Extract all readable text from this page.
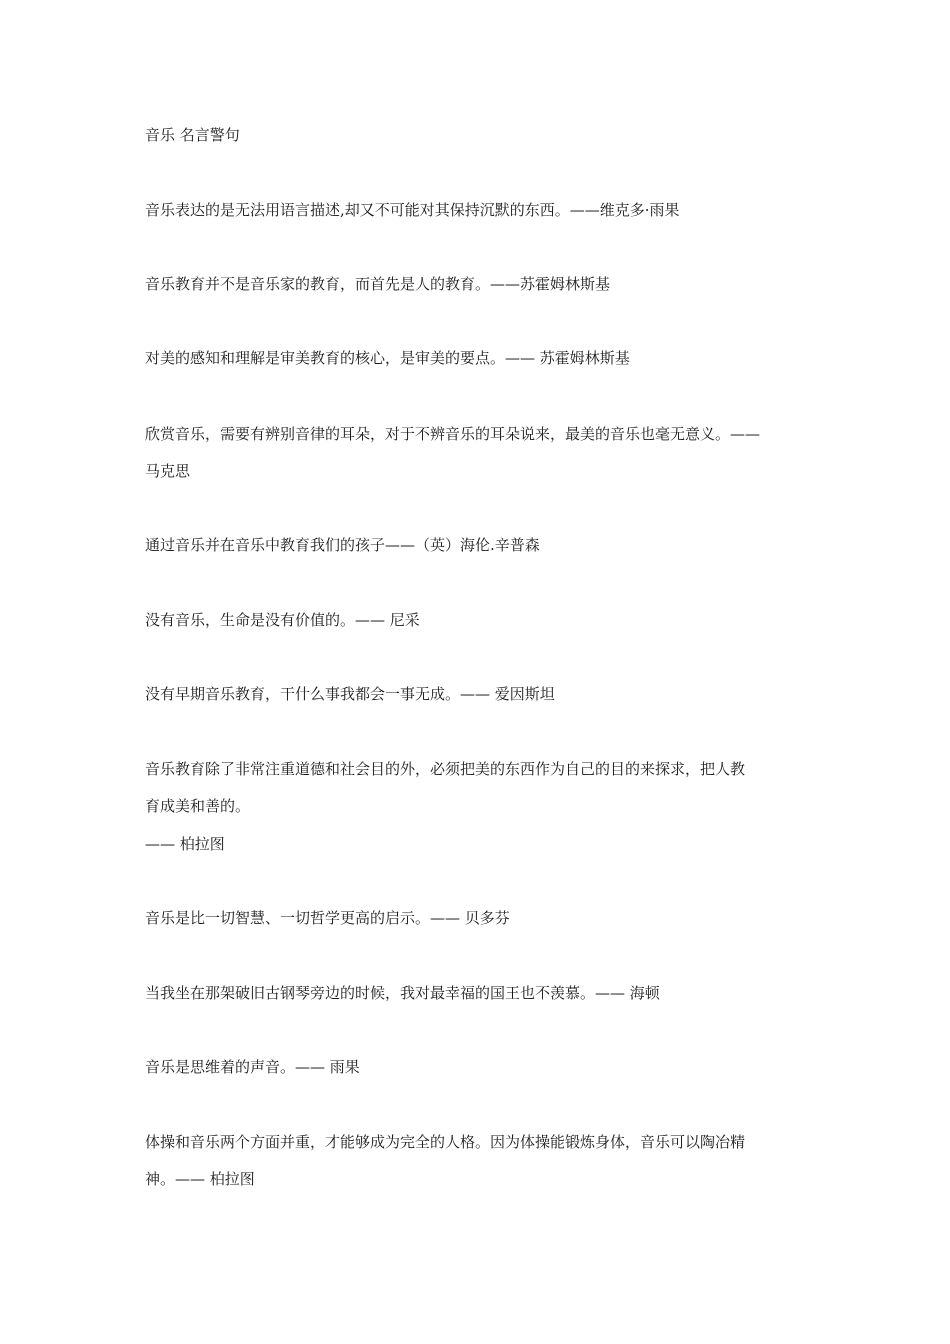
音乐 名言警句
音乐表达的是无法用语言描述,却又不可能对其保持沉默的东西。——维克多·雨果
音乐教育并不是音乐家的教育，而首先是人的教育。——苏霍姆林斯基
对美的感知和理解是审美教育的核心，是审美的要点。—— 苏霍姆林斯基
欣赏音乐，需要有辨别音律的耳朵，对于不辨音乐的耳朵说来，最美的音乐也毫无意义。——
马克思
通过音乐并在音乐中教育我们的孩子——（英）海伦.辛普森
没有音乐，生命是没有价值的。—— 尼采
没有早期音乐教育，干什么事我都会一事无成。—— 爱因斯坦
音乐教育除了非常注重道德和社会目的外，必须把美的东西作为自己的目的来探求，把人教
育成美和善的。
—— 柏拉图
音乐是比一切智慧、一切哲学更高的启示。—— 贝多芬
当我坐在那架破旧古钢琴旁边的时候，我对最幸福的国王也不羡慕。—— 海顿
音乐是思维着的声音。—— 雨果
体操和音乐两个方面并重，才能够成为完全的人格。因为体操能锻炼身体，音乐可以陶冶精
神。—— 柏拉图
